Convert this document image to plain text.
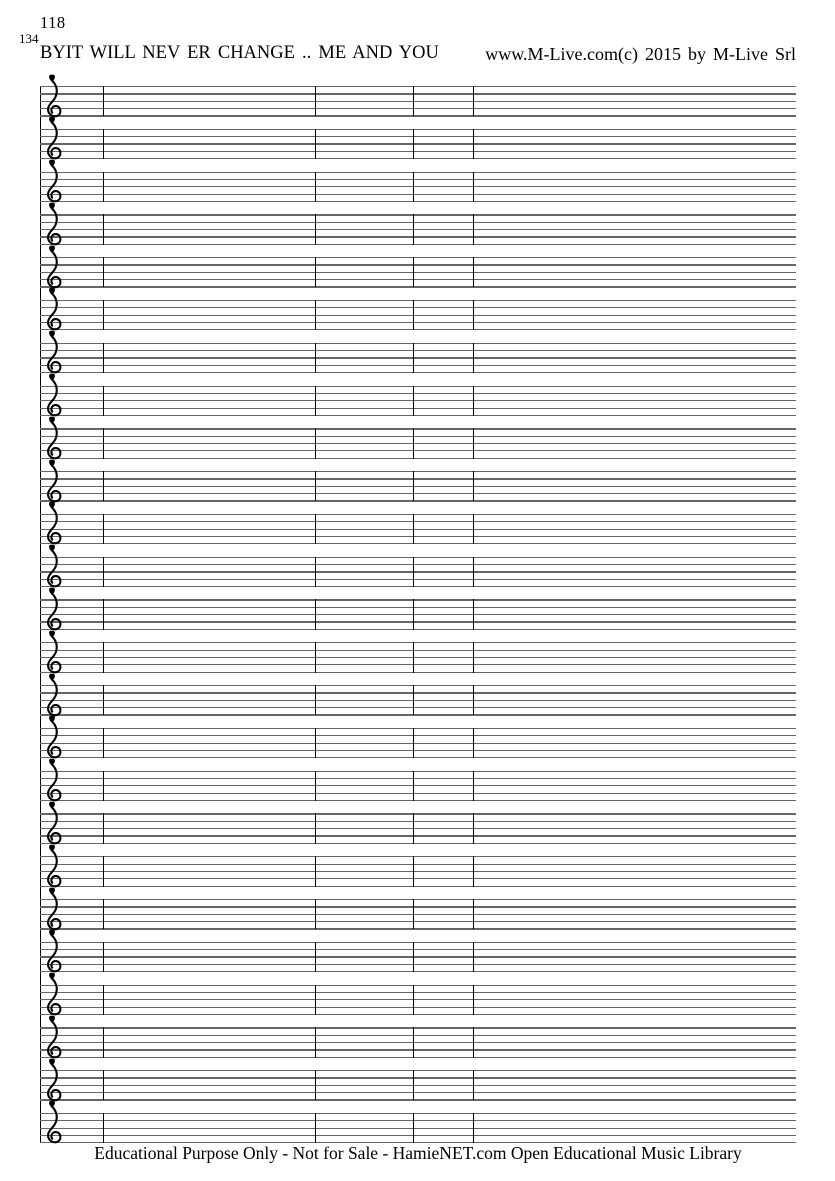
118
134
BYIT WILL NEV ER CHANGE .. ME AND YOU	www.M-Live.com(c) 2015 by M-Live Srl
Educational Purpose Only - Not for Sale - HamieNET.com Open Educational Music Library
